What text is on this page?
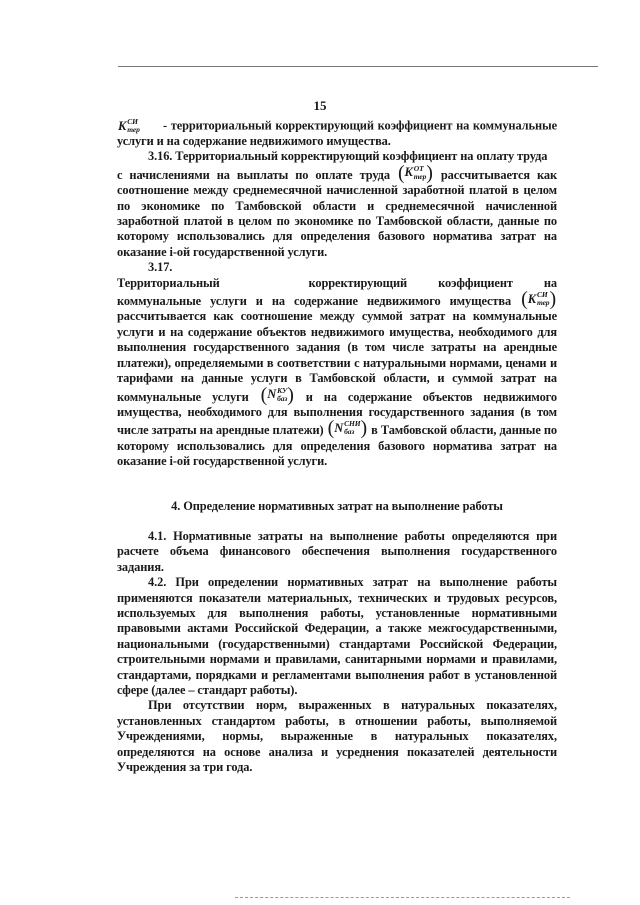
15

K СИ
тер - территориальный корректирующий коэффициент на коммунальные услуги и на содержание недвижимого имущества.

3.16. Территориальный корректирующий коэффициент на оплату труда

с начислениями на выплаты по оплате труда ( K ОТ
тер ) рассчитывается как соотношение между среднемесячной начисленной заработной платой в целом по экономике по Тамбовской области и среднемесячной начисленной заработной платой в целом по экономике по Тамбовской области, данные по которому использовались для определения базового норматива затрат на оказание i-ой государственной услуги.

3.17. Территориальный	корректирующий	коэффициент	на

коммунальные услуги и на содержание недвижимого имущества ( K СИ
тер )
рассчитывается как соотношение между суммой затрат на коммунальные услуги и на содержание объектов недвижимого имущества, необходимого для выполнения государственного задания (в том числе затраты на арендные платежи), определяемыми в соответствии с натуральными нормами, ценами и тарифами на данные услуги в Тамбовской области, и суммой затрат на коммунальные услуги ( N КУ
баз ) и на содержание объектов недвижимого имущества, необходимого для выполнения государственного задания (в том числе затраты на арендные платежи) ( N СНИ
баз ) в Тамбовской области, данные по которому использовались для определения базового норматива затрат на оказание i-ой государственной услуги.

4. Определение нормативных затрат на выполнение работы

4.1. Нормативные затраты на выполнение работы определяются при расчете объема финансового обеспечения выполнения государственного задания.

4.2. При определении нормативных затрат на выполнение работы применяются показатели материальных, технических и трудовых ресурсов, используемых для выполнения работы, установленные нормативными правовыми актами Российской Федерации, а также межгосударственными, национальными (государственными) стандартами Российской Федерации, строительными нормами и правилами, санитарными нормами и правилами, стандартами, порядками и регламентами выполнения работ в установленной сфере (далее – стандарт работы).

При отсутствии норм, выраженных в натуральных показателях, установленных стандартом работы, в отношении работы, выполняемой Учреждениями, нормы, выраженные в натуральных показателях, определяются на основе анализа и усреднения показателей деятельности Учреждения за три года.
